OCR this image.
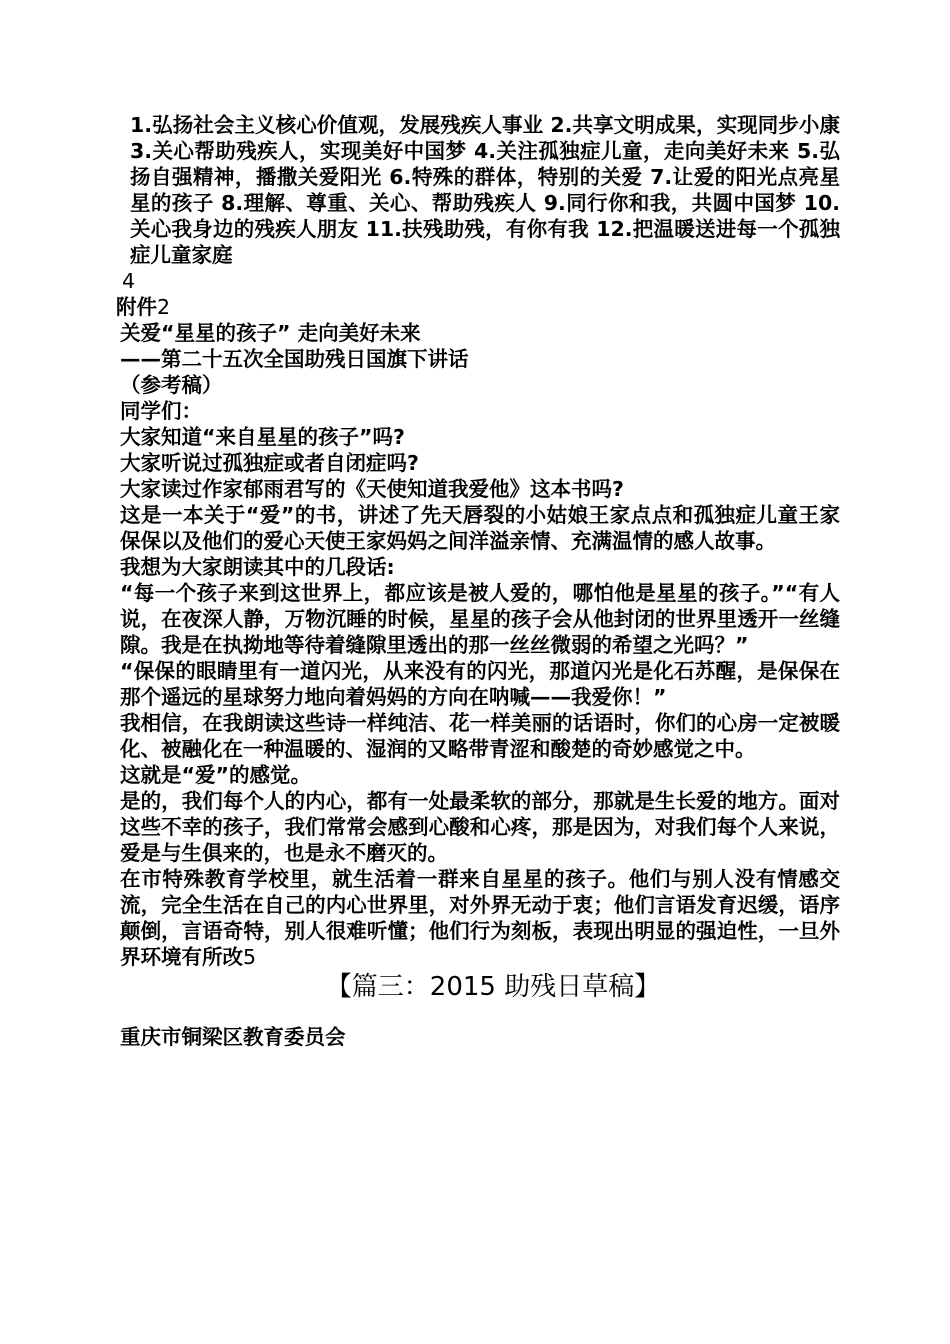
1.弘扬社会主义核心价值观，发展残疾人事业 2.共享文明成果，实现同步小康 3.关心帮助残疾人，实现美好中国梦 4.关注孤独症儿童，走向美好未来 5.弘扬自强精神，播撒关爱阳光 6.特殊的群体，特别的关爱 7.让爱的阳光点亮星星的孩子 8.理解、尊重、关心、帮助残疾人 9.同行你和我，共圆中国梦 10.关心我身边的残疾人朋友 11.扶残助残，有你有我 12.把温暖送进每一个孤独症儿童家庭

4
附件2
关爱“星星的孩子” 走向美好未来
——第二十五次全国助残日国旗下讲话
（参考稿）
同学们：
大家知道“来自星星的孩子”吗?
大家听说过孤独症或者自闭症吗?
大家读过作家郁雨君写的《天使知道我爱他》这本书吗?

这是一本关于“爱”的书，讲述了先天唇裂的小姑娘王家点点和孤独症儿童王家保保以及他们的爱心天使王家妈妈之间洋溢亲情、充满温情的感人故事。

我想为大家朗读其中的几段话:

“每一个孩子来到这世界上，都应该是被人爱的，哪怕他是星星的孩子。”“有人说，在夜深人静，万物沉睡的时候，星星的孩子会从他封闭的世界里透开一丝缝隙。我是在执拗地等待着缝隙里透出的那一丝丝微弱的希望之光吗？”

“保保的眼睛里有一道闪光，从来没有的闪光，那道闪光是化石苏醒，是保保在那个遥远的星球努力地向着妈妈的方向在呐喊——我爱你！”

我相信，在我朗读这些诗一样纯洁、花一样美丽的话语时，你们的心房一定被暖化、被融化在一种温暖的、湿润的又略带青涩和酸楚的奇妙感觉之中。

这就是“爱”的感觉。

是的，我们每个人的内心，都有一处最柔软的部分，那就是生长爱的地方。面对这些不幸的孩子，我们常常会感到心酸和心疼，那是因为，对我们每个人来说，爱是与生俱来的，也是永不磨灭的。

在市特殊教育学校里，就生活着一群来自星星的孩子。他们与别人没有情感交流，完全生活在自己的内心世界里，对外界无动于衷；他们言语发育迟缓，语序颠倒，言语奇特，别人很难听懂；他们行为刻板，表现出明显的强迫性，一旦外界环境有所改5

【篇三：2015 助残日草稿】
重庆市铜梁区教育委员会
